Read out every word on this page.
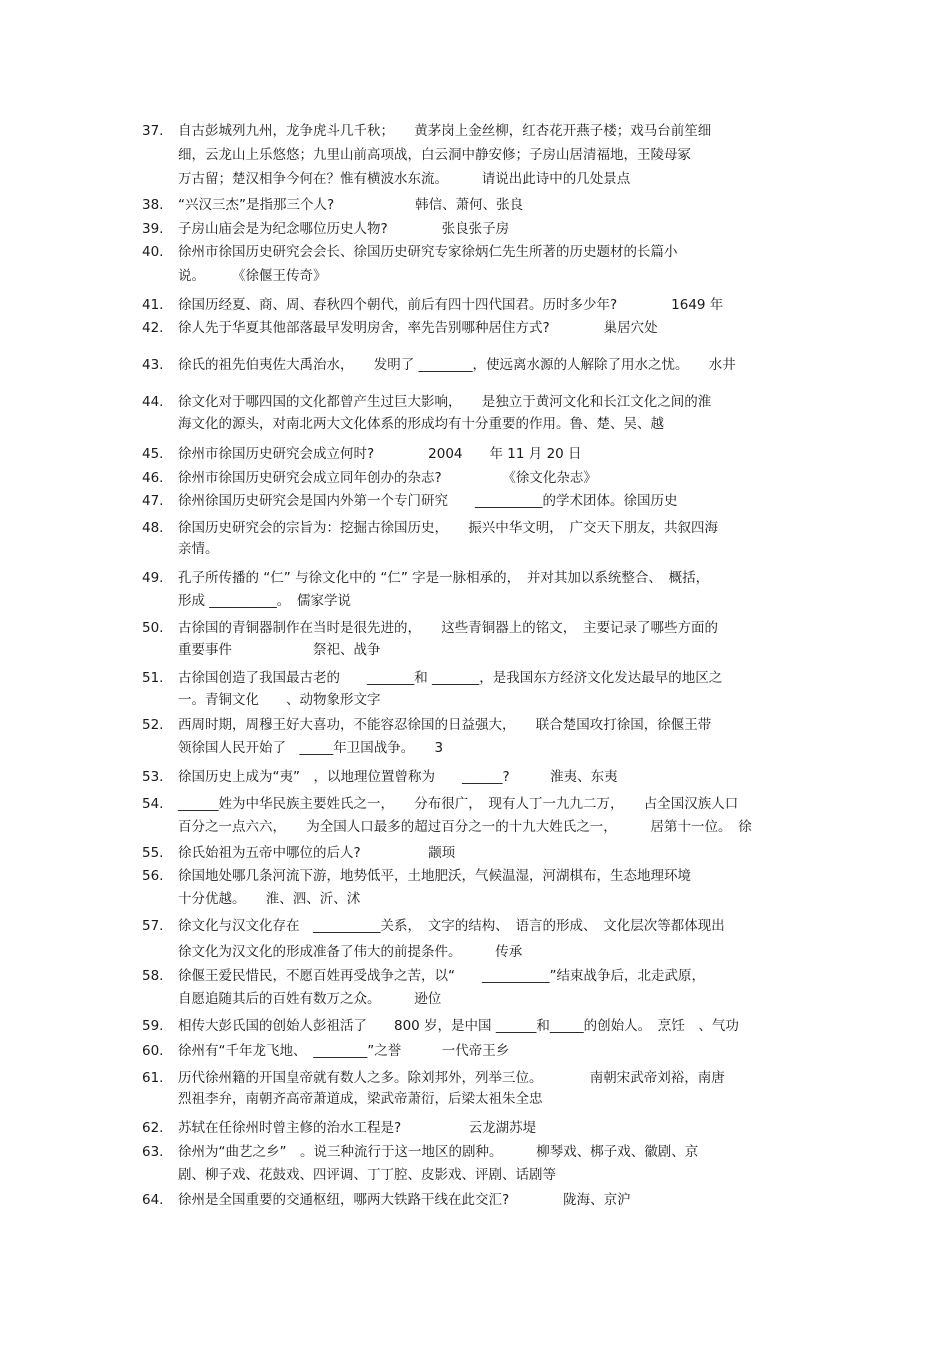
37.	自古彭城列九州，龙争虎斗几千秋；　　黄茅岗上金丝柳，红杏花开燕子楼；戏马台前笙细
细，云龙山上乐悠悠；九里山前高项战，白云洞中静安修；子房山居清福地，王陵母冢
万古留；楚汉相争今何在？惟有横波水东流。　　　请说出此诗中的几处景点
38.	“兴汉三杰”是指那三个人?　　　　　　韩信、萧何、张良
39.	子房山庙会是为纪念哪位历史人物?　　　　张良张子房
40.	徐州市徐国历史研究会会长、徐国历史研究专家徐炳仁先生所著的历史题材的长篇小
说。　　　《徐偃王传奇》
41.	徐国历经夏、商、周、春秋四个朝代，前后有四十四代国君。历时多少年?　　　　1649 年
42.	徐人先于华夏其他部落最早发明房舍，率先告别哪种居住方式?　　　　巢居穴处
43.	徐氏的祖先伯夷佐大禹治水，　　发明了 ________，使远离水源的人解除了用水之忧。　　水井
44.	徐文化对于哪四国的文化都曾产生过巨大影响，　　是独立于黄河文化和长江文化之间的淮
海文化的源头，对南北两大文化体系的形成均有十分重要的作用。鲁、楚、吴、越
45.	徐州市徐国历史研究会成立何时?　　　　2004　　年 11 月 20 日
46.	徐州市徐国历史研究会成立同年创办的杂志?　　　　　《徐文化杂志》
47.	徐州徐国历史研究会是国内外第一个专门研究　　__________的学术团体。徐国历史
48.	徐国历史研究会的宗旨为：挖掘古徐国历史，　　振兴中华文明，　广交天下朋友，共叙四海
亲情。
49.	孔子所传播的 “仁” 与徐文化中的 “仁” 字是一脉相承的，　并对其加以系统整合、　概括，
形成 __________。　儒家学说
50.	古徐国的青铜器制作在当时是很先进的，　　这些青铜器上的铭文，　主要记录了哪些方面的
重要事件　　　　　　祭祀、战争
51.	古徐国创造了我国最古老的　　_______和 _______，是我国东方经济文化发达最早的地区之
一。青铜文化　　、动物象形文字
52.	西周时期，周穆王好大喜功，不能容忍徐国的日益强大，　　联合楚国攻打徐国，徐偃王带
领徐国人民开始了　_____年卫国战争。　　3
53.	徐国历史上成为“夷”　，以地理位置曾称为　　______?　　　淮夷、东夷
54.	______姓为中华民族主要姓氏之一，　　分布很广，　现有人丁一九九二万，　　占全国汉族人口
百分之一点六六，　　为全国人口最多的超过百分之一的十九大姓氏之一，　　　居第十一位。　徐
55.	徐氏始祖为五帝中哪位的后人?　　　　　颛顼
56.	徐国地处哪几条河流下游，地势低平，土地肥沃，气候温湿，河湖棋布，生态地理环境
十分优越。　　淮、泗、沂、沭
57.	徐文化与汉文化存在　__________关系，　文字的结构、　语言的形成、　文化层次等都体现出
徐文化为汉文化的形成准备了伟大的前提条件。　　　传承
58.	徐偃王爱民惜民，不愿百姓再受战争之苦，以“　　__________”结束战争后，北走武原，
自愿追随其后的百姓有数万之众。　　　逊位
59.	相传大彭氏国的创始人彭祖活了　　800 岁，是中国 ______和_____的创始人。　烹饪　、气功
60.	徐州有“千年龙飞地、　________”之誉　　　一代帝王乡
61.	历代徐州籍的开国皇帝就有数人之多。除刘邦外，列举三位。　　　　南朝宋武帝刘裕，南唐
烈祖李弁，南朝齐高帝萧道成，梁武帝萧衍，后梁太祖朱全忠
62.	苏轼在任徐州时曾主修的治水工程是?　　　　　云龙湖苏堤
63.	徐州为“曲艺之乡”　。说三种流行于这一地区的剧种。　　　柳琴戏、梆子戏、徽剧、京
剧、柳子戏、花鼓戏、四评调、丁丁腔、皮影戏、评剧、话剧等
64.	徐州是全国重要的交通枢纽，哪两大铁路干线在此交汇?　　　　陇海、京沪
